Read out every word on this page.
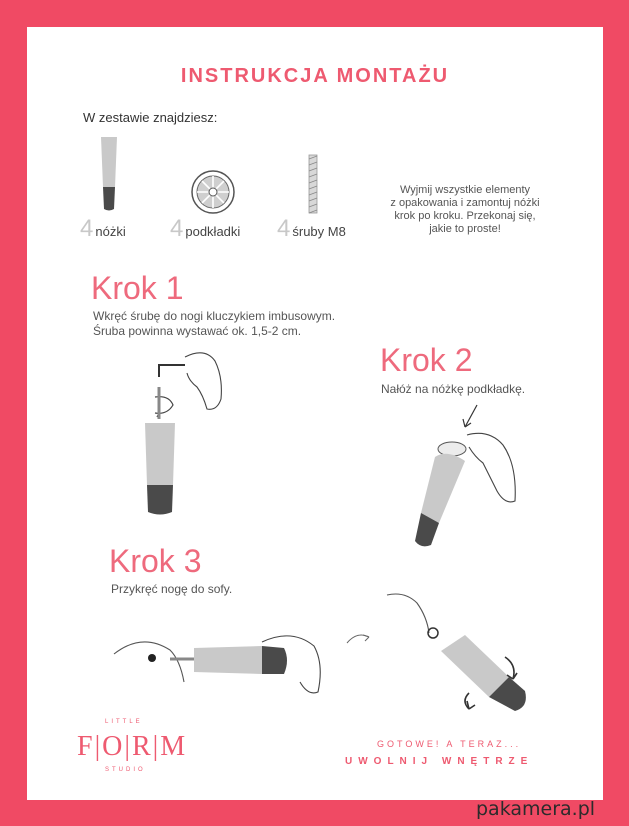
INSTRUKCJA MONTAŻU
W zestawie znajdziesz:
4 nóżki 4 podkładki 4 śruby M8
Wyjmij wszystkie elementy
z opakowania i zamontuj nóżki
krok po kroku. Przekonaj się,
jakie to proste!
Krok 1
Wkręć śrubę do nogi kluczykiem imbusowym.
Śruba powinna wystawać ok. 1,5-2 cm.
Krok 2
Nałóż na nóżkę podkładkę.
Krok 3
Przykręć nogę do sofy.
LITTLE
F|O|R|M
STUDIO
GOTOWE! A TERAZ...
UWOLNIJ WNĘTRZE
pakamera.pl
